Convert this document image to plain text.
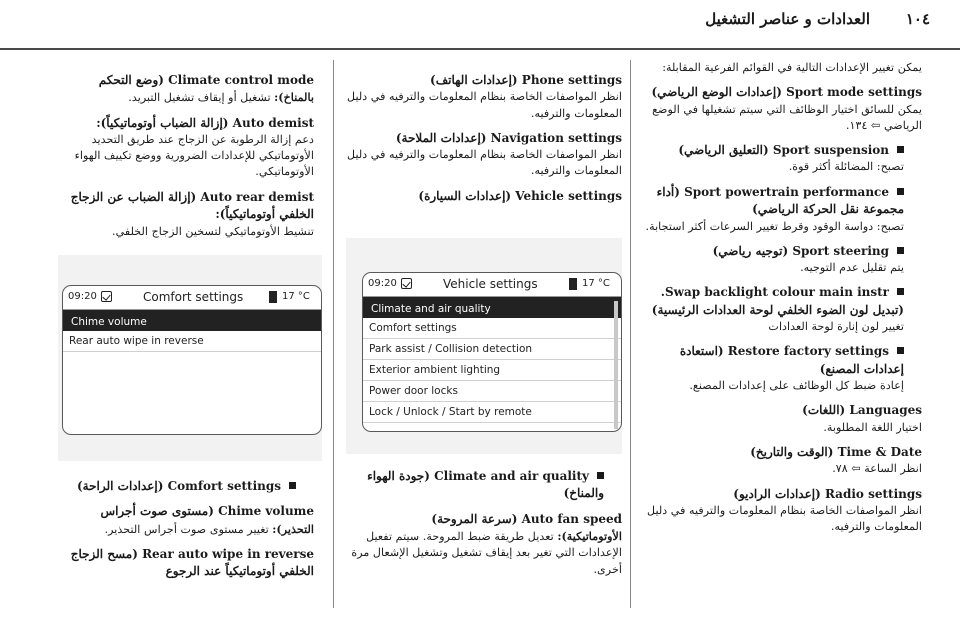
العدادات و عناصر التشغيل ١٠٤

يمكن تغيير الإعدادات التالية في القوائم الفرعية المقابلة:

Sport mode settings (إعدادات الوضع الرياضي)
يمكن للسائق اختيار الوظائف التي سيتم تشغيلها في الوضع الرياضي ⇦ ١٣٤.
Sport suspension (التعليق الرياضي)
تصبح: المضائلة أكثر قوة.
Sport powertrain performance (أداء مجموعة نقل الحركة الرياضي)
تصبح: دواسة الوقود وقرط تغيير السرعات أكثر استجابة.
Sport steering (توجيه رياضي)
يتم تقليل عدم التوجيه.
Swap backlight colour main instr. (تبديل لون الضوء الخلفي لوحة العدادات الرئيسية)
تغيير لون إنارة لوحة العدادات
Restore factory settings (استعادة إعدادات المصنع)
إعادة ضبط كل الوظائف على إعدادات المصنع.
Languages (اللغات)
اختيار اللغة المطلوبة.
Time & Date (الوقت والتاريخ)
انظر الساعة ⇦ ٧٨.
Radio settings (إعدادات الراديو)
انظر المواصفات الخاصة بنظام المعلومات والترفيه في دليل المعلومات والترفيه.
Phone settings (إعدادات الهاتف)
انظر المواصفات الخاصة بنظام المعلومات والترفيه في دليل المعلومات والترفيه.
Navigation settings (إعدادات الملاحة)
انظر المواصفات الخاصة بنظام المعلومات والترفيه في دليل المعلومات والترفيه.
Vehicle settings (إعدادات السيارة)
Climate and air quality (جودة الهواء والمناخ)
Auto fan speed (سرعة المروحة)
الأوتوماتيكية): تعديل طريقة ضبط المروحة. سيتم تفعيل الإعدادات التي تغير بعد إيقاف تشغيل وتشغيل الإشعال مرة أخرى.
Climate control mode (وضع التحكم
بالمناخ): تشغيل أو إيقاف تشغيل التبريد.
Auto demist (إزالة الضباب أوتوماتيكياً):
دعم إزالة الرطوبة عن الزجاج عند طريق التحديد الأوتوماتيكي للإعدادات الضرورية ووضع تكييف الهواء الأوتوماتيكي.
Auto rear demist (إزالة الضباب عن الزجاج الخلفي أوتوماتيكياً):
تنشيط الأوتوماتيكي لتسخين الزجاج الخلفي.
Comfort settings (إعدادات الراحة)
Chime volume (مستوى صوت أجراس
التحذير): تغيير مستوى صوت أجراس التحذير.
Rear auto wipe in reverse (مسح الزجاج الخلفي أوتوماتيكياً عند الرجوع
09:20	Vehicle settings	17 °C
Climate and air quality
Comfort settings
Park assist / Collision detection
Exterior ambient lighting
Power door locks
Lock / Unlock / Start by remote
09:20	Comfort settings	17 °C
Chime volume
Rear auto wipe in reverse
